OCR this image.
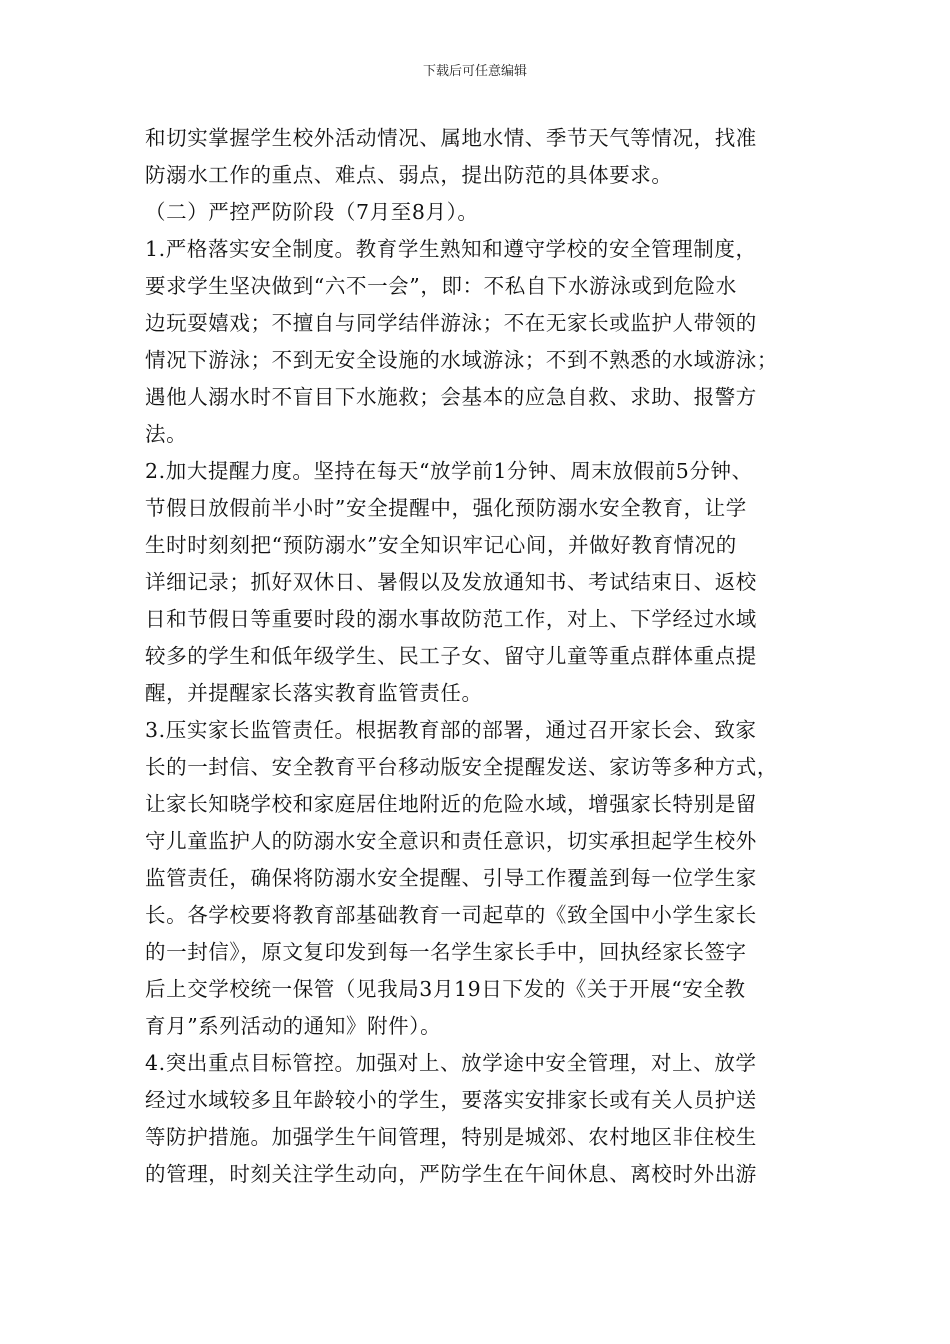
下载后可任意编辑
和切实掌握学生校外活动情况、属地水情、季节天气等情况，找准
防溺水工作的重点、难点、弱点，提出防范的具体要求。
（二）严控严防阶段（7月至8月）。
1.严格落实安全制度。教育学生熟知和遵守学校的安全管理制度，
要求学生坚决做到“六不一会”，即：不私自下水游泳或到危险水
边玩耍嬉戏；不擅自与同学结伴游泳；不在无家长或监护人带领的
情况下游泳；不到无安全设施的水域游泳；不到不熟悉的水域游泳；
遇他人溺水时不盲目下水施救；会基本的应急自救、求助、报警方
法。
2.加大提醒力度。坚持在每天“放学前1分钟、周末放假前5分钟、
节假日放假前半小时”安全提醒中，强化预防溺水安全教育，让学
生时时刻刻把“预防溺水”安全知识牢记心间，并做好教育情况的
详细记录；抓好双休日、暑假以及发放通知书、考试结束日、返校
日和节假日等重要时段的溺水事故防范工作，对上、下学经过水域
较多的学生和低年级学生、民工子女、留守儿童等重点群体重点提
醒，并提醒家长落实教育监管责任。
3.压实家长监管责任。根据教育部的部署，通过召开家长会、致家
长的一封信、安全教育平台移动版安全提醒发送、家访等多种方式，
让家长知晓学校和家庭居住地附近的危险水域，增强家长特别是留
守儿童监护人的防溺水安全意识和责任意识，切实承担起学生校外
监管责任，确保将防溺水安全提醒、引导工作覆盖到每一位学生家
长。各学校要将教育部基础教育一司起草的《致全国中小学生家长
的一封信》，原文复印发到每一名学生家长手中，回执经家长签字
后上交学校统一保管（见我局3月19日下发的《关于开展“安全教
育月”系列活动的通知》附件）。
4.突出重点目标管控。加强对上、放学途中安全管理，对上、放学
经过水域较多且年龄较小的学生，要落实安排家长或有关人员护送
等防护措施。加强学生午间管理，特别是城郊、农村地区非住校生
的管理，时刻关注学生动向，严防学生在午间休息、离校时外出游
